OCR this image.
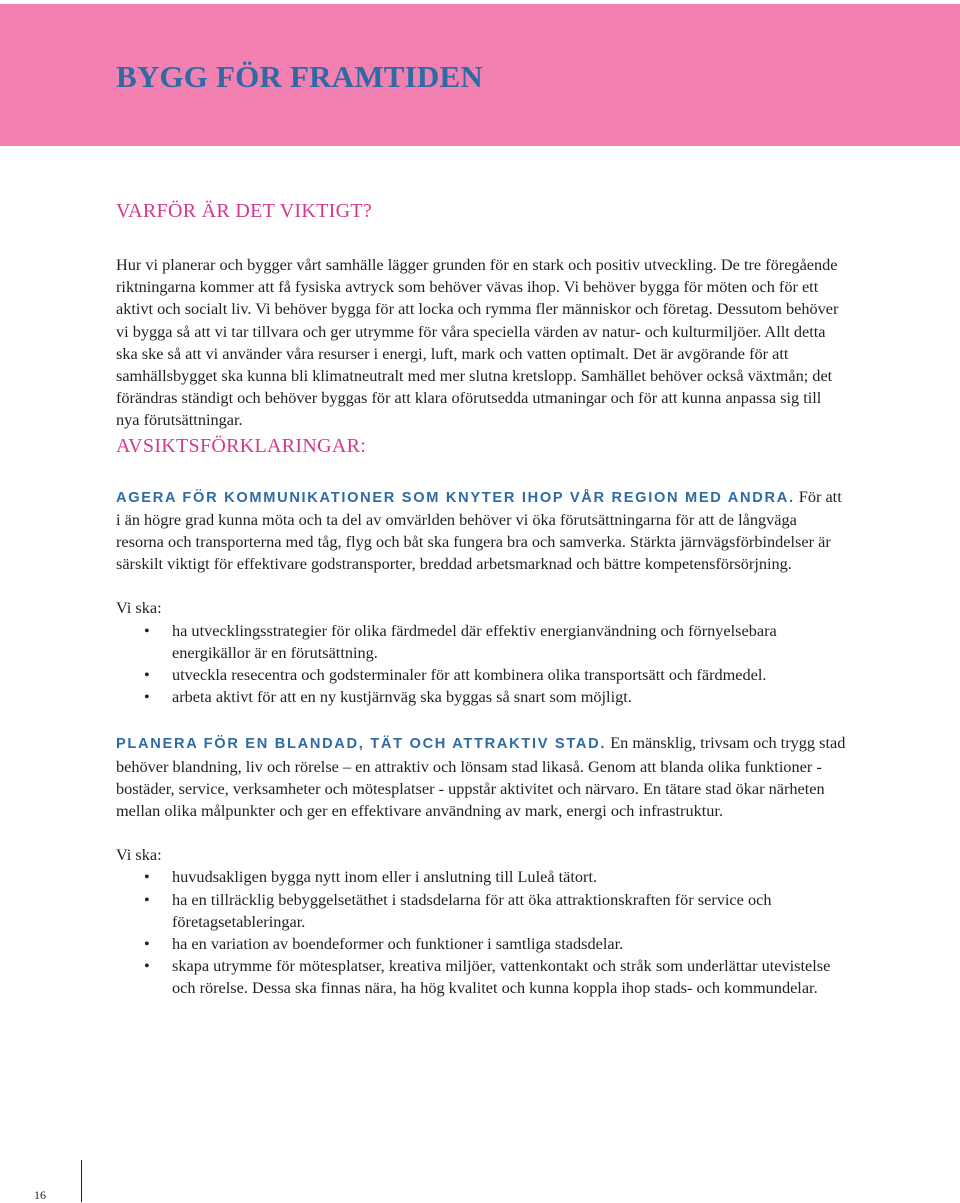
BYGG FÖR FRAMTIDEN
VARFÖR ÄR DET VIKTIGT?

Hur vi planerar och bygger vårt samhälle lägger grunden för en stark och positiv utveckling. De tre föregående riktningarna kommer att få fysiska avtryck som behöver vävas ihop. Vi behöver bygga för möten och för ett aktivt och socialt liv. Vi behöver bygga för att locka och rymma fler människor och företag. Dessutom behöver vi bygga så att vi tar tillvara och ger utrymme för våra speciella värden av natur- och kulturmiljöer. Allt detta ska ske så att vi använder våra resurser i energi, luft, mark och vatten optimalt. Det är avgörande för att samhällsbygget ska kunna bli klimatneutralt med mer slutna kretslopp. Samhället behöver också växtmån; det förändras ständigt och behöver byggas för att klara oförutsedda utmaningar och för att kunna anpassa sig till nya förutsättningar.

AVSIKTSFÖRKLARINGAR:

AGERA FÖR KOMMUNIKATIONER SOM KNYTER IHOP VÅR REGION MED ANDRA. För att i än högre grad kunna möta och ta del av omvärlden behöver vi öka förutsättningarna för att de långväga resorna och transporterna med tåg, flyg och båt ska fungera bra och samverka. Stärkta järnvägsförbindelser är särskilt viktigt för effektivare godstransporter, breddad arbetsmarknad och bättre kompetensförsörjning.

Vi ska:

• ha utvecklingsstrategier för olika färdmedel där effektiv energianvändning och förnyelsebara energikällor är en förutsättning.
• utveckla resecentra och godsterminaler för att kombinera olika transportsätt och färdmedel.
• arbeta aktivt för att en ny kustjärnväg ska byggas så snart som möjligt.

PLANERA FÖR EN BLANDAD, TÄT OCH ATTRAKTIV STAD. En mänsklig, trivsam och trygg stad behöver blandning, liv och rörelse – en attraktiv och lönsam stad likaså. Genom att blanda olika funktioner - bostäder, service, verksamheter och mötesplatser - uppstår aktivitet och närvaro. En tätare stad ökar närheten mellan olika målpunkter och ger en effektivare användning av mark, energi och infrastruktur.

Vi ska:

• huvudsakligen bygga nytt inom eller i anslutning till Luleå tätort.
• ha en tillräcklig bebyggelsetäthet i stadsdelarna för att öka attraktionskraften för service och företagsetableringar.
• ha en variation av boendeformer och funktioner i samtliga stadsdelar.
• skapa utrymme för mötesplatser, kreativa miljöer, vattenkontakt och stråk som underlättar utevistelse och rörelse. Dessa ska finnas nära, ha hög kvalitet och kunna koppla ihop stads- och kommundelar.
16
